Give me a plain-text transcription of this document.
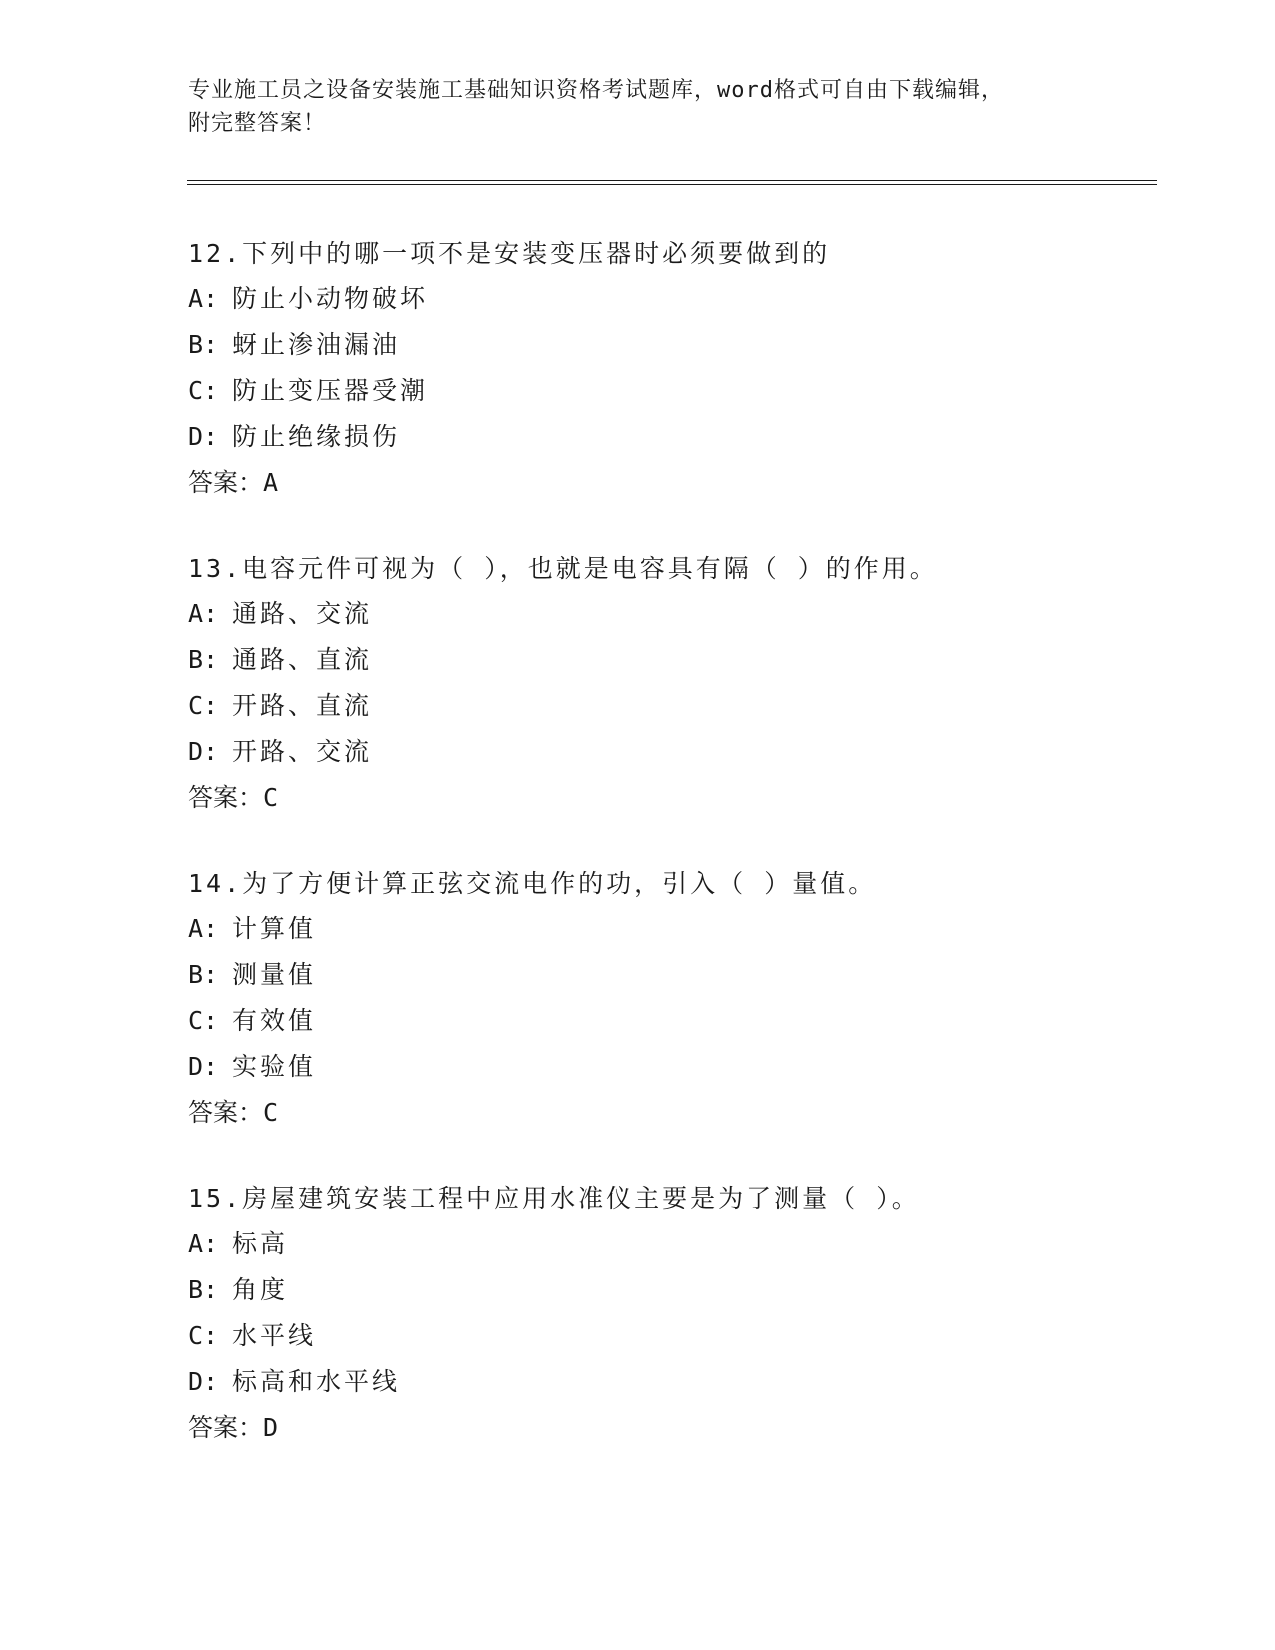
专业施工员之设备安装施工基础知识资格考试题库，word格式可自由下载编辑，
附完整答案！
12.下列中的哪一项不是安装变压器时必须要做到的
A: 防止小动物破坏
B: 蚜止渗油漏油
C: 防止变压器受潮
D: 防止绝缘损伤
答案：A
13.电容元件可视为（ ），也就是电容具有隔（ ）的作用。
A: 通路、交流
B: 通路、直流
C: 开路、直流
D: 开路、交流
答案：C
14.为了方便计算正弦交流电作的功，引入（ ）量值。
A: 计算值
B: 测量值
C: 有效值
D: 实验值
答案：C
15.房屋建筑安装工程中应用水准仪主要是为了测量（ ）。
A: 标高
B: 角度
C: 水平线
D: 标高和水平线
答案：D
